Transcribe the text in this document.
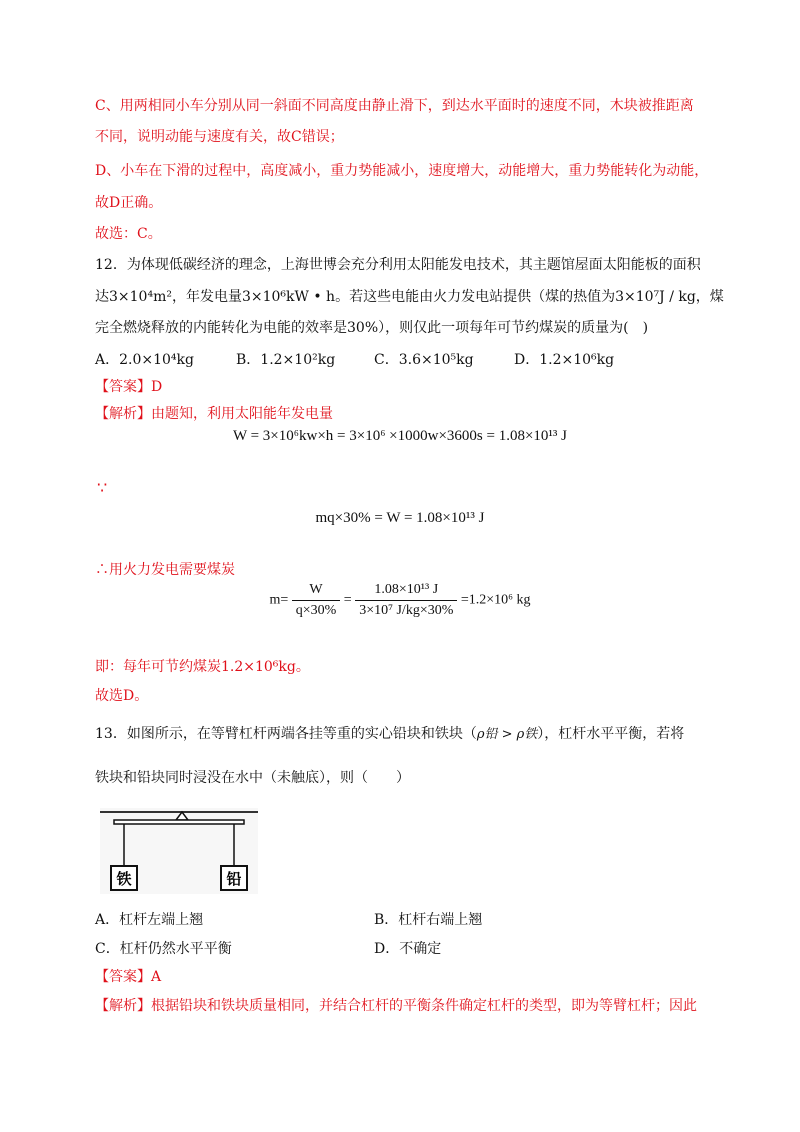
C、用两相同小车分别从同一斜面不同高度由静止滑下，到达水平面时的速度不同，木块被推距离
不同，说明动能与速度有关，故C错误；
D、小车在下滑的过程中，高度减小，重力势能减小，速度增大，动能增大，重力势能转化为动能，
故D正确。
故选：C。
12．为体现低碳经济的理念，上海世博会充分利用太阳能发电技术，其主题馆屋面太阳能板的面积
达3×10⁴m²，年发电量3×10⁶kW • h。若这些电能由火力发电站提供（煤的热值为3×10⁷J / kg，煤
完全燃烧释放的内能转化为电能的效率是30%），则仅此一项每年可节约煤炭的质量为(　)
A．2.0×10⁴kg	B．1.2×10²kg	C．3.6×10⁵kg	D．1.2×10⁶kg
【答案】D
【解析】由题知，利用太阳能年发电量
W = 3×10⁶kw×h = 3×10⁶ ×1000w×3600s = 1.08×10¹³ J
∵
mq×30% = W = 1.08×10¹³ J
∴用火力发电需要煤炭
$m= \frac{W}{q\times 30\%} = \frac{\text{1.08×10¹³ J}}{\text{3×10⁷ J/kg×30\%}} =1.2\times 10^6$ kg
即：每年可节约煤炭1.2×10⁶kg。
故选D。
13．如图所示，在等臂杠杆两端各挂等重的实心铅块和铁块（ρ铅 > ρ铁），杠杆水平平衡，若将
铁块和铅块同时浸没在水中（未触底），则（　　）
铁	铅
A．杠杆左端上翘	B．杠杆右端上翘
C．杠杆仍然水平平衡	D．不确定
【答案】A
【解析】根据铅块和铁块质量相同，并结合杠杆的平衡条件确定杠杆的类型，即为等臂杠杆；因此
